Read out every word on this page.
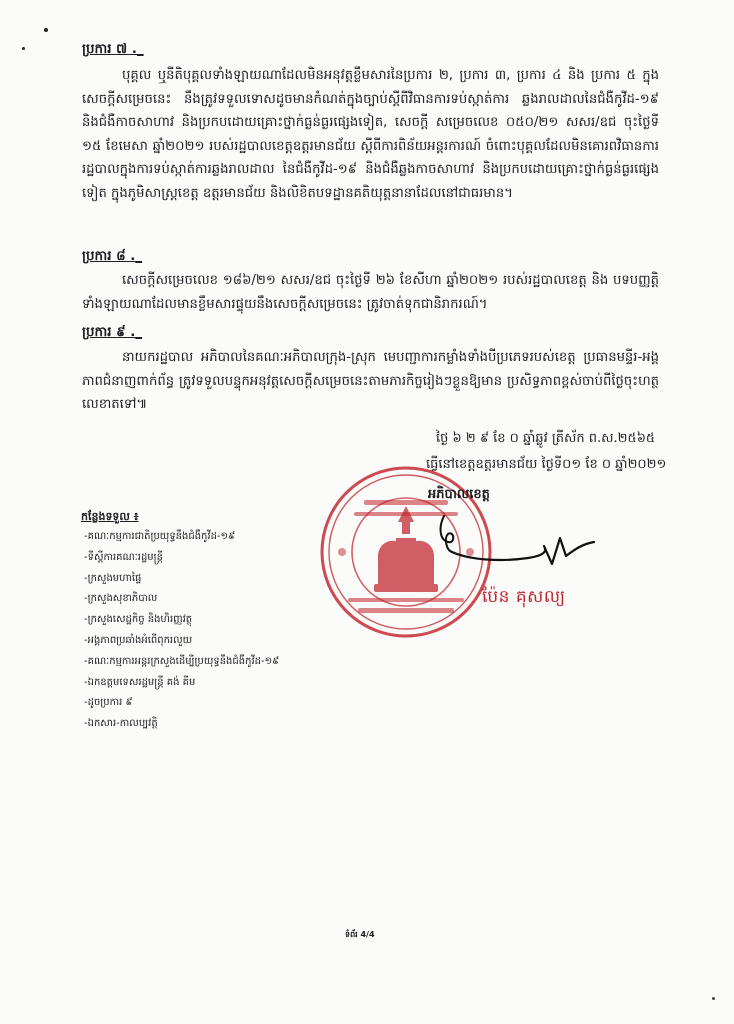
ប្រការ ៧ ._

បុគ្គល ឬនីតិបុគ្គលទាំងឡាយណាដែលមិនអនុវត្តខ្លឹមសារនៃប្រការ ២, ប្រការ ៣, ប្រការ ៤ និង ប្រការ ៥ ក្នុងសេចក្តីសម្រេចនេះ នឹងត្រូវទទួលទោសដូចមានកំណត់ក្នុងច្បាប់ស្តីពីវិធានការទប់ស្កាត់ការ ឆ្លងរាលដាលនៃជំងឺកូវីដ-១៩ និងជំងឺកាចសាហាវ និងប្រកបដោយគ្រោះថ្នាក់ធ្ងន់ធ្ងរផ្សេងទៀត, សេចក្តី សម្រេចលេខ ០៥០/២១ សសរ/ឧជ ចុះថ្ងៃទី ១៥ ខែមេសា ឆ្នាំ២០២១ របស់រដ្ឋបាលខេត្តឧត្តរមានជ័យ ស្តីពីការពិន័យអន្តរការណ៍ ចំពោះបុគ្គលដែលមិនគោរពវិធានការរដ្ឋបាលក្នុងការទប់ស្កាត់ការឆ្លងរាលដាល នៃជំងឺកូវីដ-១៩ និងជំងឺឆ្លងកាចសាហាវ និងប្រកបដោយគ្រោះថ្នាក់ធ្ងន់ធ្ងរផ្សេងទៀត ក្នុងភូមិសាស្ត្រខេត្ត ឧត្តរមានជ័យ និងលិខិតបទដ្ឋានគតិយុត្តនានាដែលនៅជាធរមាន។

ប្រការ ៨ ._

សេចក្តីសម្រេចលេខ ១៨៦/២១ សសរ/ឧជ ចុះថ្ងៃទី ២៦ ខែសីហា ឆ្នាំ២០២១ របស់រដ្ឋបាលខេត្ត និង បទបញ្ញត្តិទាំងឡាយណាដែលមានខ្លឹមសារផ្ទុយនឹងសេចក្តីសម្រេចនេះ ត្រូវចាត់ទុកជានិរាករណ៍។

ប្រការ ៩ ._

នាយករដ្ឋបាល អភិបាលនៃគណៈអភិបាលក្រុង-ស្រុក មេបញ្ជាការកម្លាំងទាំងបីប្រភេទរបស់ខេត្ត ប្រធានមន្ទីរ-អង្គភាពជំនាញពាក់ព័ន្ធ ត្រូវទទួលបន្ទុកអនុវត្តសេចក្តីសម្រេចនេះតាមភារកិច្ចរៀងៗខ្លួនឱ្យមាន ប្រសិទ្ធភាពខ្ពស់ចាប់ពីថ្ងៃចុះហត្ថលេខាតទៅ៕

ថ្ងៃ ៦ ២ ៩ ខែ ០ ឆ្នាំឆ្លូវ ត្រីស័ក ព.ស.២៥៦៥
ធ្វើនៅខេត្តឧត្តរមានជ័យ ថ្ងៃទី០១ ខែ ០ ឆ្នាំ២០២១
អភិបាលខេត្ត
ប៉ែន គុសល្យ
កន្លែងទទួល ៖
-គណៈកម្មការជាតិប្រយុទ្ធនឹងជំងឺកូវីដ-១៩
-ទីស្តីការគណៈរដ្ឋមន្ត្រី
-ក្រសួងមហាផ្ទៃ
-ក្រសួងសុខាភិបាល
-ក្រសួងសេដ្ឋកិច្ច និងហិរញ្ញវត្ថុ
-អង្គភាពប្រឆាំងអំពើពុករលួយ
-គណៈកម្មការអន្តរក្រសួងដើម្បីប្រយុទ្ធនឹងជំងឺកូវីដ-១៩
-ឯកឧត្តមទេសរដ្ឋមន្ត្រី គង់ គីម
-ដូចប្រការ ៩
-ឯកសារ-កាលប្បវត្តិ
ទំព័រ 4/4
